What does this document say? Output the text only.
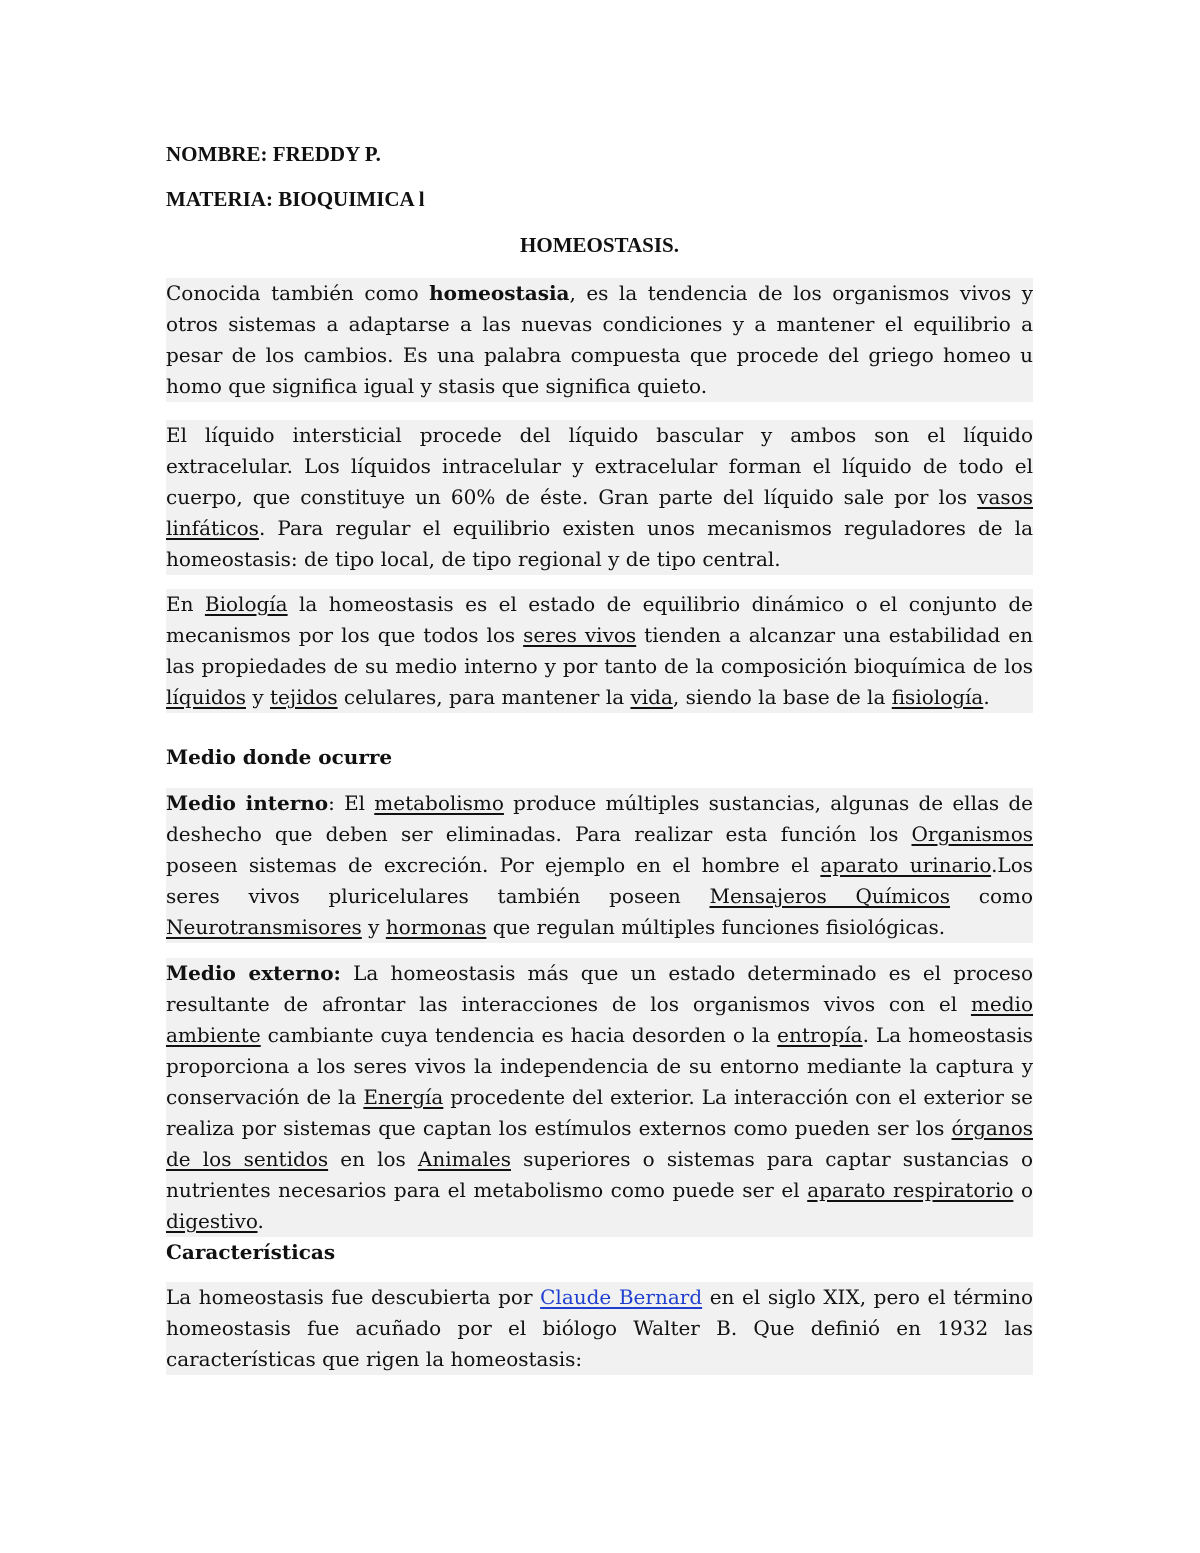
NOMBRE: FREDDY P.

MATERIA: BIOQUIMICA l

HOMEOSTASIS.

Conocida también como homeostasia, es la tendencia de los organismos vivos y otros sistemas a adaptarse a las nuevas condiciones y a mantener el equilibrio a pesar de los cambios. Es una palabra compuesta que procede del griego homeo u homo que significa igual y stasis que significa quieto.
El líquido intersticial procede del líquido bascular y ambos son el líquido extracelular. Los líquidos intracelular y extracelular forman el líquido de todo el cuerpo, que constituye un 60% de éste. Gran parte del líquido sale por los vasos linfáticos. Para regular el equilibrio existen unos mecanismos reguladores de la homeostasis: de tipo local, de tipo regional y de tipo central.
En Biología la homeostasis es el estado de equilibrio dinámico o el conjunto de mecanismos por los que todos los seres vivos tienden a alcanzar una estabilidad en las propiedades de su medio interno y por tanto de la composición bioquímica de los líquidos y tejidos celulares, para mantener la vida, siendo la base de la fisiología.

Medio donde ocurre

Medio interno: El metabolismo produce múltiples sustancias, algunas de ellas de deshecho que deben ser eliminadas. Para realizar esta función los Organismos poseen sistemas de excreción. Por ejemplo en el hombre el aparato urinario.Los seres vivos pluricelulares también poseen Mensajeros Químicos como Neurotransmisores y hormonas que regulan múltiples funciones fisiológicas.
Medio externo: La homeostasis más que un estado determinado es el proceso resultante de afrontar las interacciones de los organismos vivos con el medio ambiente cambiante cuya tendencia es hacia desorden o la entropía. La homeostasis proporciona a los seres vivos la independencia de su entorno mediante la captura y conservación de la Energía procedente del exterior. La interacción con el exterior se realiza por sistemas que captan los estímulos externos como pueden ser los órganos de los sentidos en los Animales superiores o sistemas para captar sustancias o nutrientes necesarios para el metabolismo como puede ser el aparato respiratorio o digestivo.

Características

La homeostasis fue descubierta por Claude Bernard en el siglo XIX, pero el término homeostasis fue acuñado por el biólogo Walter B. Que definió en 1932 las características que rigen la homeostasis:
